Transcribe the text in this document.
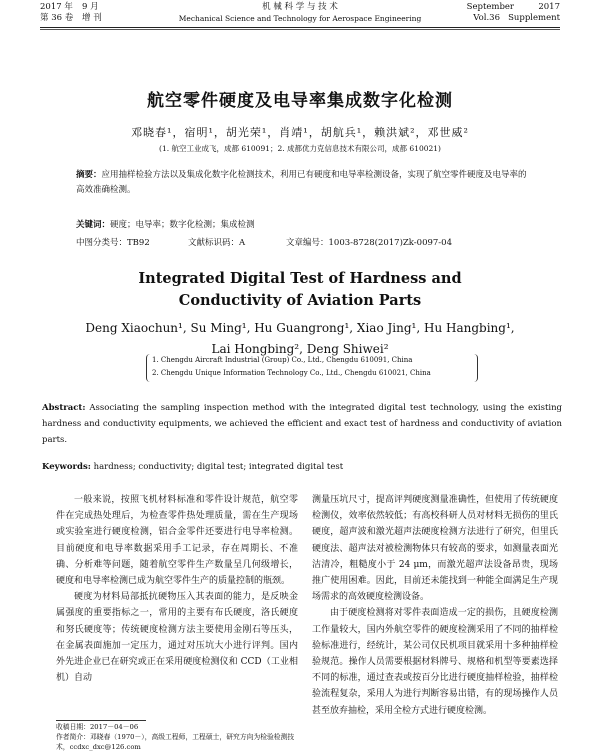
2017 年 9 月	机 械 科 学 与 技 术	September	2017
第 36 卷 增 刊	Mechanical Science and Technology for Aerospace Engineering	Vol.36 Supplement
航空零件硬度及电导率集成数字化检测
邓晓春¹，宿明¹，胡光荣¹，肖靖¹，胡航兵¹，赖洪斌²，邓世威²
(1. 航空工业成飞，成都 610091；2. 成都优力克信息技术有限公司，成都 610021)
摘要：应用抽样检验方法以及集成化数字化检测技术，利用已有硬度和电导率检测设备，实现了航空零件硬度及电导率的高效准确检测。
关键词：硬度；电导率；数字化检测；集成检测
中图分类号：TB92	文献标识码：A	文章编号：1003-8728(2017)Zk-0097-04
Integrated Digital Test of Hardness and
Conductivity of Aviation Parts
Deng Xiaochun¹, Su Ming¹, Hu Guangrong¹, Xiao Jing¹, Hu Hangbing¹,
Lai Hongbing², Deng Shiwei²
1. Chengdu Aircraft Industrial (Group) Co., Ltd., Chengdu 610091, China
2. Chengdu Unique Information Technology Co., Ltd., Chengdu 610021, China
Abstract: Associating the sampling inspection method with the integrated digital test technology, using the existing hardness and conductivity equipments, we achieved the efficient and exact test of hardness and conductivity of aviation parts.
Keywords: hardness; conductivity; digital test; integrated digital test

一般来说，按照飞机材料标准和零件设计规范，航空零件在完成热处理后，为检查零件热处理质量，需在生产现场或实验室进行硬度检测，铝合金零件还要进行电导率检测。目前硬度和电导率数据采用手工记录，存在周期长、不准确、分析难等问题，随着航空零件生产数量呈几何级增长，硬度和电导率检测已成为航空零件生产的质量控制的瓶颈。

硬度为材料局部抵抗硬物压入其表面的能力，是反映金属强度的重要指标之一，常用的主要有布氏硬度，洛氏硬度和努氏硬度等；传统硬度检测方法主要使用金刚石等压头，在金属表面施加一定压力，通过对压坑大小进行评判。国内外先进企业已在研究或正在采用硬度检测仪和 CCD（工业相机）自动

测量压坑尺寸，提高评判硬度测量准确性，但使用了传统硬度检测仪，效率依然较低；有高校科研人员对材料无损伤的里氏硬度，超声波和激光超声法硬度检测方法进行了研究，但里氏硬度法、超声法对被检测物体只有较高的要求，如测量表面光洁清冷，粗糙度小于 24 μm，而激光超声法设备昂贵，现场推广使用困难。因此，目前还未能找到一种能全面满足生产现场需求的高效硬度检测设备。

由于硬度检测将对零件表面造成一定的损伤，且硬度检测工作量较大，国内外航空零件的硬度检测采用了不同的抽样检验标准进行，经统计，某公司仅民机项目就采用十多种抽样检验规范。操作人员需要根据材料牌号、规格和机型等要素选择不同的标准，通过查表或按百分比进行硬度抽样检验，抽样检验流程复杂，采用人为进行判断容易出错，有的现场操作人员甚至放弃抽检，采用全检方式进行硬度检测。

收稿日期：2017－04－06
作者简介：邓晓春（1970－），高级工程师，工程硕士，研究方向为检验检测技术，ccdxc_dxc@126.com
